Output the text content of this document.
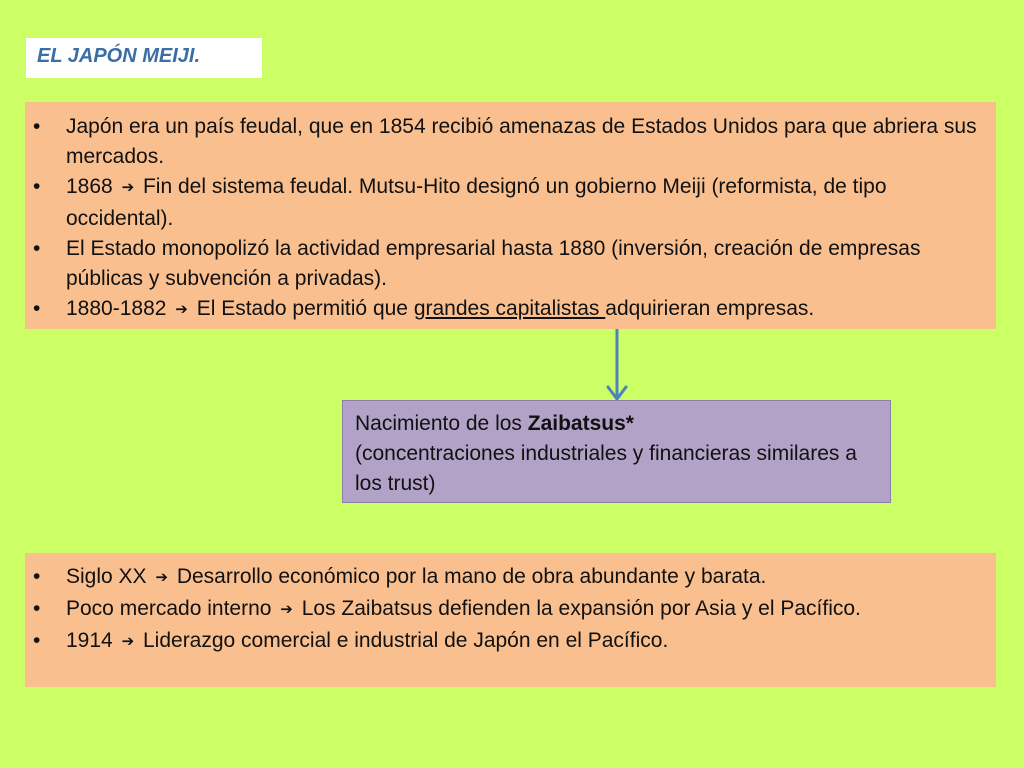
EL JAPÓN MEIJI.
• Japón era un país feudal, que en 1854 recibió amenazas de Estados Unidos para que abriera sus mercados.
• 1868 ➔ Fin del sistema feudal. Mutsu-Hito designó un gobierno Meiji (reformista, de tipo occidental).
• El Estado monopolizó la actividad empresarial hasta 1880 (inversión, creación de empresas públicas y subvención a privadas).
• 1880-1882 ➔ El Estado permitió que grandes capitalistas adquirieran empresas.
Nacimiento de los Zaibatsus*
(concentraciones industriales y financieras similares a los trust)
• Siglo XX ➔ Desarrollo económico por la mano de obra abundante y barata.
• Poco mercado interno ➔ Los Zaibatsus defienden la expansión por Asia y el Pacífico.
• 1914 ➔ Liderazgo comercial e industrial de Japón en el Pacífico.
